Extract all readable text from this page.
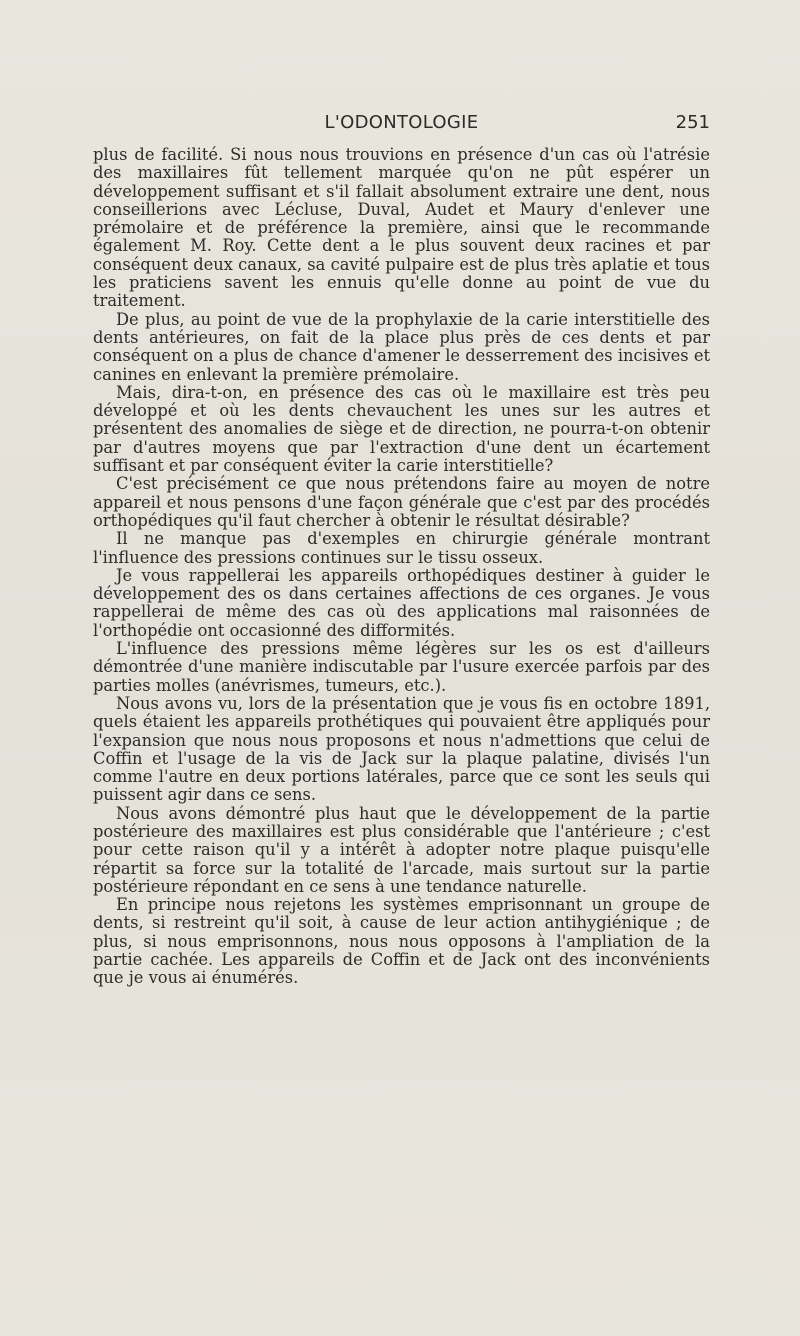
L'ODONTOLOGIE	251

plus de facilité. Si nous nous trouvions en présence d'un cas où l'atrésie des maxillaires fût tellement marquée qu'on ne pût espérer un développement suffisant et s'il fallait absolument extraire une dent, nous conseillerions avec Lécluse, Duval, Audet et Maury d'enlever une prémolaire et de préférence la première, ainsi que le recommande également M. Roy. Cette dent a le plus souvent deux racines et par conséquent deux canaux, sa cavité pulpaire est de plus très aplatie et tous les praticiens savent les ennuis qu'elle donne au point de vue du traitement.

De plus, au point de vue de la prophylaxie de la carie interstitielle des dents antérieures, on fait de la place plus près de ces dents et par conséquent on a plus de chance d'amener le desserrement des incisives et canines en enlevant la première prémolaire.

Mais, dira-t-on, en présence des cas où le maxillaire est très peu développé et où les dents chevauchent les unes sur les autres et présentent des anomalies de siège et de direction, ne pourra-t-on obtenir par d'autres moyens que par l'extraction d'une dent un écartement suffisant et par conséquent éviter la carie interstitielle?

C'est précisément ce que nous prétendons faire au moyen de notre appareil et nous pensons d'une façon générale que c'est par des procédés orthopédiques qu'il faut chercher à obtenir le résultat désirable?

Il ne manque pas d'exemples en chirurgie générale montrant l'influence des pressions continues sur le tissu osseux.

Je vous rappellerai les appareils orthopédiques destiner à guider le développement des os dans certaines affections de ces organes. Je vous rappellerai de même des cas où des applications mal raisonnées de l'orthopédie ont occasionné des difformités.

L'influence des pressions même légères sur les os est d'ailleurs démontrée d'une manière indiscutable par l'usure exercée parfois par des parties molles (anévrismes, tumeurs, etc.).

Nous avons vu, lors de la présentation que je vous fis en octobre 1891, quels étaient les appareils prothétiques qui pouvaient être appliqués pour l'expansion que nous nous proposons et nous n'admettions que celui de Coffin et l'usage de la vis de Jack sur la plaque palatine, divisés l'un comme l'autre en deux portions latérales, parce que ce sont les seuls qui puissent agir dans ce sens.

Nous avons démontré plus haut que le développement de la partie postérieure des maxillaires est plus considérable que l'antérieure ; c'est pour cette raison qu'il y a intérêt à adopter notre plaque puisqu'elle répartit sa force sur la totalité de l'arcade, mais surtout sur la partie postérieure répondant en ce sens à une tendance naturelle.

En principe nous rejetons les systèmes emprisonnant un groupe de dents, si restreint qu'il soit, à cause de leur action antihygiénique ; de plus, si nous emprisonnons, nous nous opposons à l'ampliation de la partie cachée. Les appareils de Coffin et de Jack ont des inconvénients que je vous ai énumérés.
